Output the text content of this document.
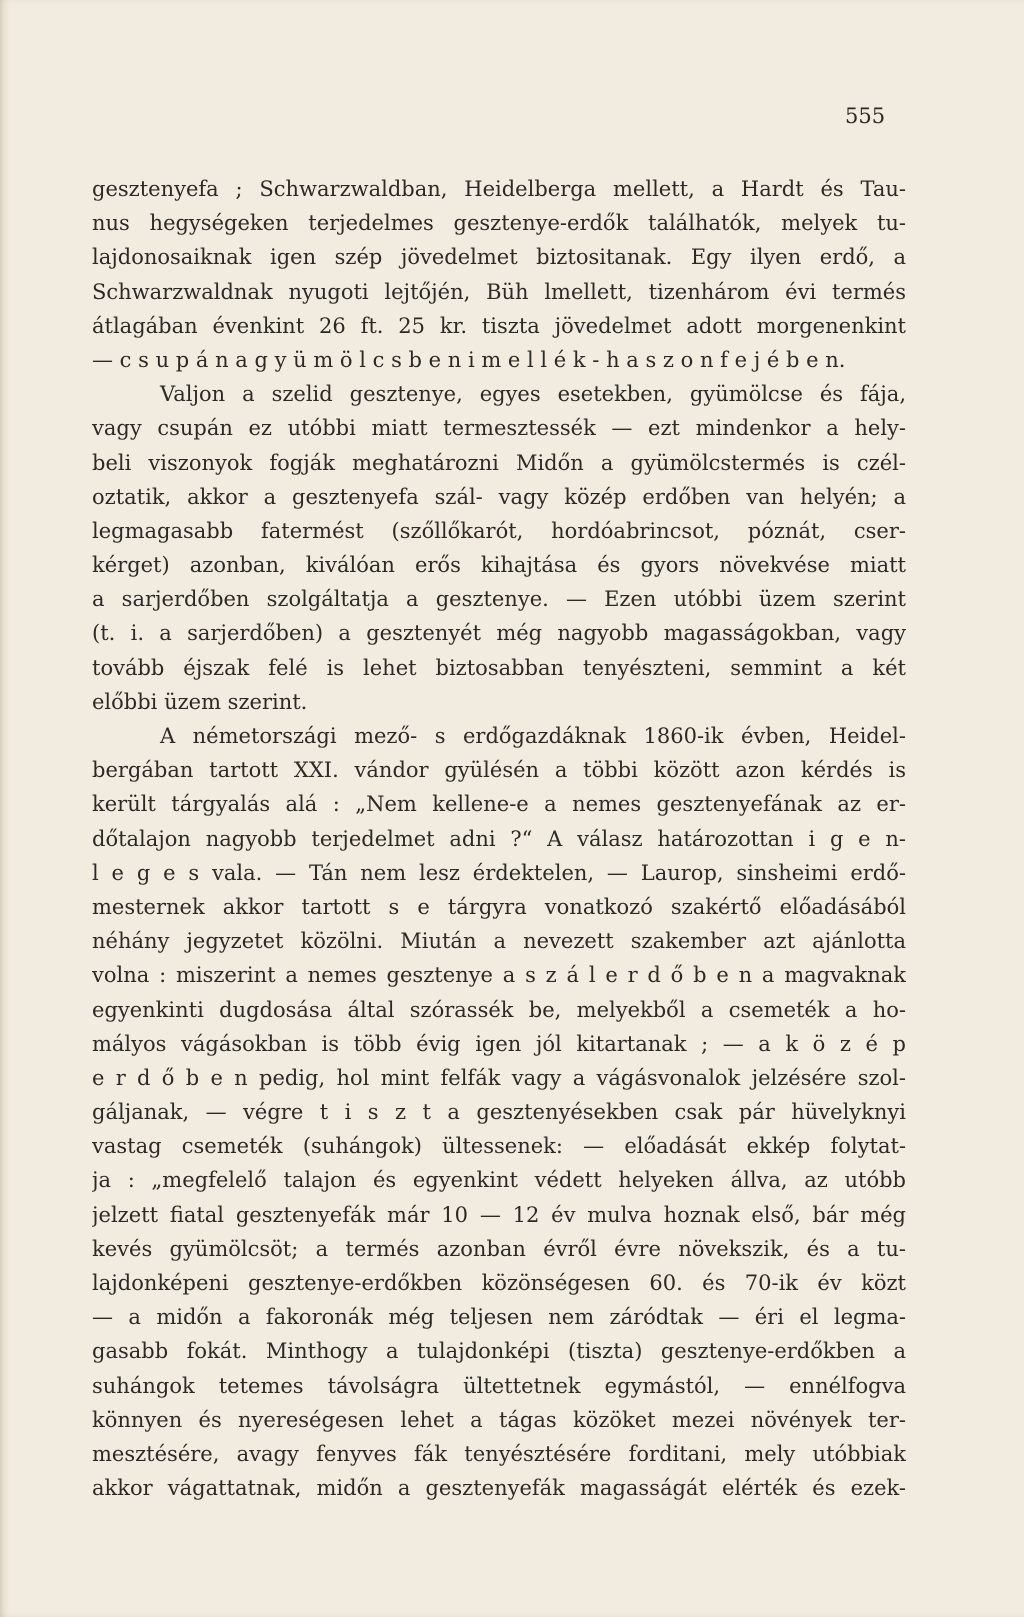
555
gesztenyefa ; Schwarzwaldban, Heidelberga mellett, a Hardt és Tau-
nus hegységeken terjedelmes gesztenye-erdők találhatók, melyek tu-
lajdonosaiknak igen szép jövedelmet biztositanak. Egy ilyen erdő, a
Schwarzwaldnak nyugoti lejtőjén, Büh lmellett, tizenhárom évi termés
átlagában évenkint 26 ft. 25 kr. tiszta jövedelmet adott morgenenkint
— c s u p á n a g y ü m ö l c s b e n i m e l l é k - h a s z o n f e j é b e n.
Valjon a szelid gesztenye, egyes esetekben, gyümölcse és fája,
vagy csupán ez utóbbi miatt termesztessék — ezt mindenkor a hely-
beli viszonyok fogják meghatározni Midőn a gyümölcstermés is czél-
oztatik, akkor a gesztenyefa szál- vagy közép erdőben van helyén; a
legmagasabb fatermést (szőllőkarót, hordóabrincsot, póznát, cser-
kérget) azonban, kiválóan erős kihajtása és gyors növekvése miatt
a sarjerdőben szolgáltatja a gesztenye. — Ezen utóbbi üzem szerint
(t. i. a sarjerdőben) a gesztenyét még nagyobb magasságokban, vagy
tovább éjszak felé is lehet biztosabban tenyészteni, semmint a két
előbbi üzem szerint.
A németországi mező- s erdőgazdáknak 1860-ik évben, Heidel-
bergában tartott XXI. vándor gyülésén a többi között azon kérdés is
került tárgyalás alá : „Nem kellene-e a nemes gesztenyefának az er-
dőtalajon nagyobb terjedelmet adni ?“ A válasz határozottan i g e n-
l e g e s vala. — Tán nem lesz érdektelen, — Laurop, sinsheimi erdő-
mesternek akkor tartott s e tárgyra vonatkozó szakértő előadásából
néhány jegyzetet közölni. Miután a nevezett szakember azt ajánlotta
volna : miszerint a nemes gesztenye a s z á l e r d ő b e n a magvaknak
egyenkinti dugdosása által szórassék be, melyekből a csemeték a ho-
mályos vágásokban is több évig igen jól kitartanak ; — a k ö z é p
e r d ő b e n pedig, hol mint felfák vagy a vágásvonalok jelzésére szol-
gáljanak, — végre t i s z t a gesztenyésekben csak pár hüvelyknyi
vastag csemeték (suhángok) ültessenek: — előadását ekkép folytat-
ja : „megfelelő talajon és egyenkint védett helyeken állva, az utóbb
jelzett fiatal gesztenyefák már 10 — 12 év mulva hoznak első, bár még
kevés gyümölcsöt; a termés azonban évről évre növekszik, és a tu-
lajdonképeni gesztenye-erdőkben közönségesen 60. és 70-ik év közt
— a midőn a fakoronák még teljesen nem záródtak — éri el legma-
gasabb fokát. Minthogy a tulajdonképi (tiszta) gesztenye-erdőkben a
suhángok tetemes távolságra ültettetnek egymástól, — ennélfogva
könnyen és nyereségesen lehet a tágas közöket mezei növények ter-
mesztésére, avagy fenyves fák tenyésztésére forditani, mely utóbbiak
akkor vágattatnak, midőn a gesztenyefák magasságát elérték és ezek-
